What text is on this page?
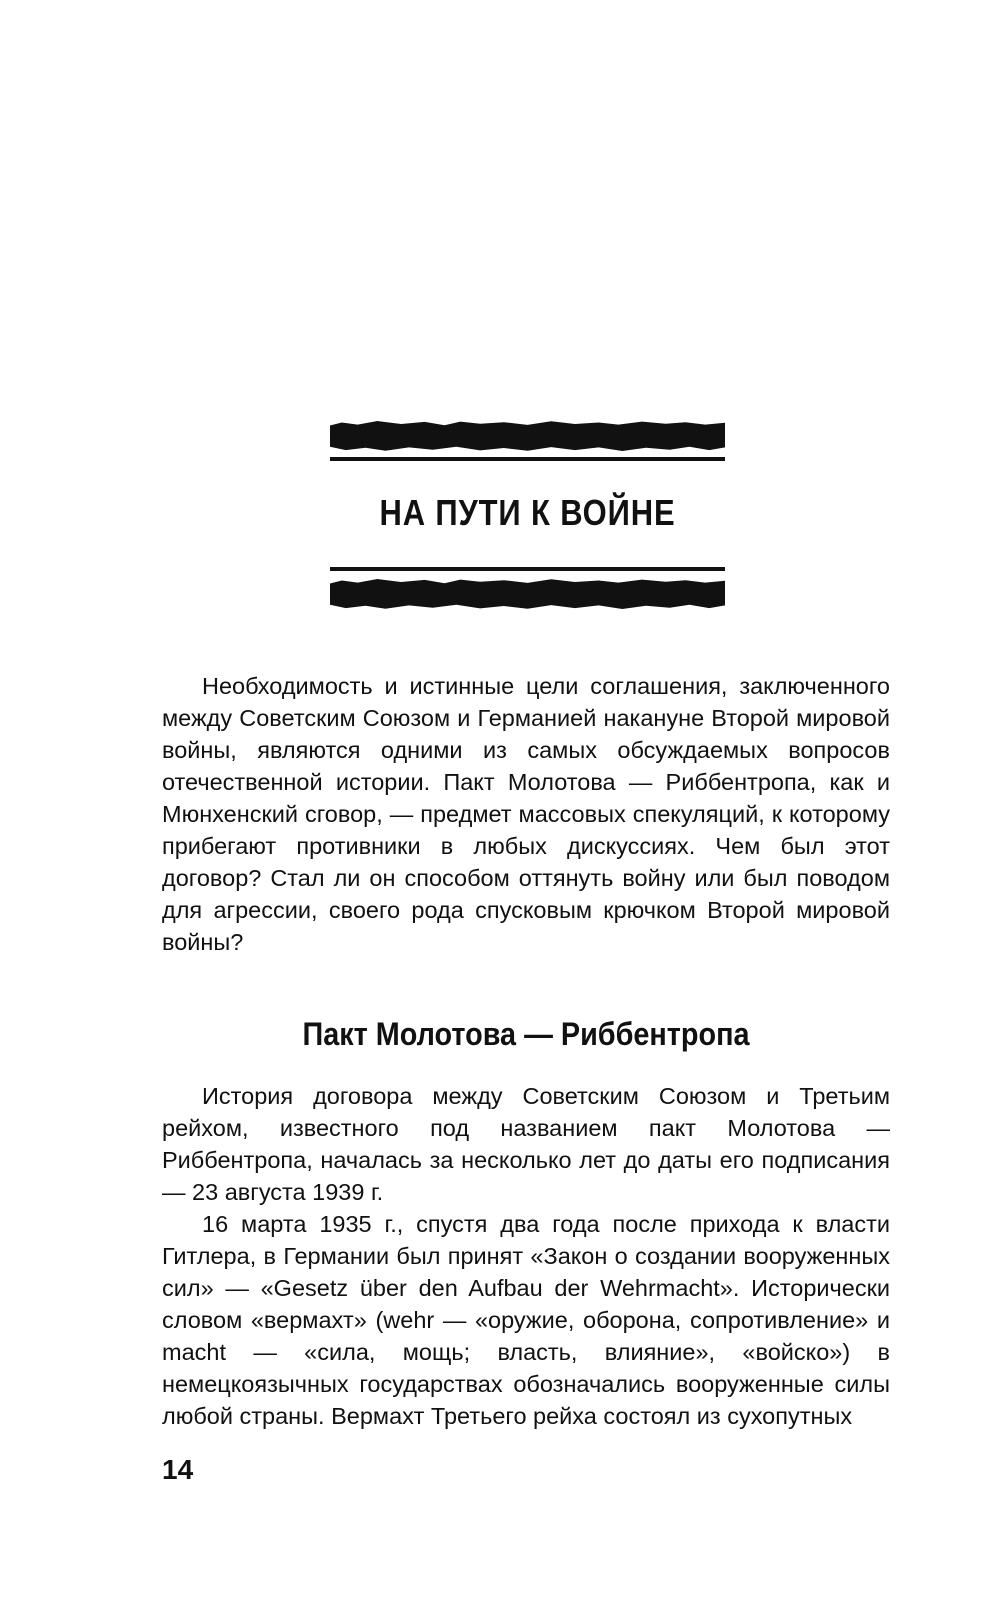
НА ПУТИ К ВОЙНЕ

Необходимость и истинные цели соглашения, заключенного между Советским Союзом и Германией накануне Второй мировой войны, являются одними из самых обсуждаемых вопросов отечественной истории. Пакт Молотова — Риббентропа, как и Мюнхенский сговор, — предмет массовых спекуляций, к которому прибегают противники в любых дискуссиях. Чем был этот договор? Стал ли он способом оттянуть войну или был поводом для агрессии, своего рода спусковым крючком Второй мировой войны?

Пакт Молотова — Риббентропа

История договора между Советским Союзом и Третьим рейхом, известного под названием пакт Молотова — Риббентропа, началась за несколько лет до даты его подписания — 23 августа 1939 г.

16 марта 1935 г., спустя два года после прихода к власти Гитлера, в Германии был принят «Закон о создании вооруженных сил» — «Gesetz über den Aufbau der Wehrmacht». Исторически словом «вермахт» (wehr — «оружие, оборона, сопротивление» и macht — «сила, мощь; власть, влияние», «войско») в немецкоязычных государствах обозначались вооруженные силы любой страны. Вермахт Третьего рейха состоял из сухопутных

14
